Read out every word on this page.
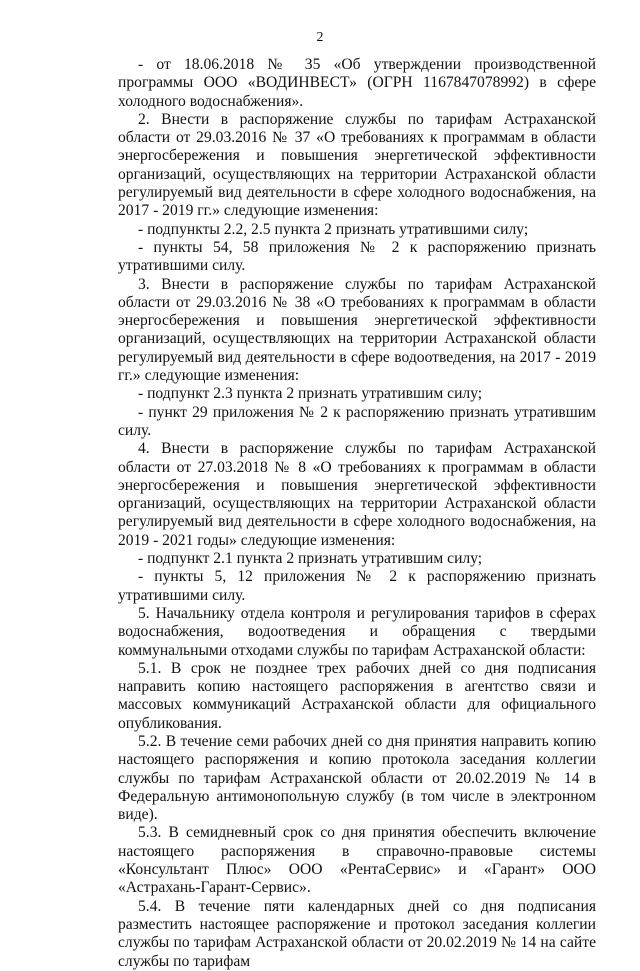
2

- от 18.06.2018 № 35 «Об утверждении производственной программы ООО «ВОДИНВЕСТ» (ОГРН 1167847078992) в сфере холодного водоснабжения».

2. Внести в распоряжение службы по тарифам Астраханской области от 29.03.2016 № 37 «О требованиях к программам в области энергосбережения и повышения энергетической эффективности организаций, осуществляющих на территории Астраханской области регулируемый вид деятельности в сфере холодного водоснабжения, на 2017 - 2019 гг.» следующие изменения:

- подпункты 2.2, 2.5 пункта 2 признать утратившими силу;

- пункты 54, 58 приложения № 2 к распоряжению признать утратившими силу.

3. Внести в распоряжение службы по тарифам Астраханской области от 29.03.2016 № 38 «О требованиях к программам в области энергосбережения и повышения энергетической эффективности организаций, осуществляющих на территории Астраханской области регулируемый вид деятельности в сфере водоотведения, на 2017 - 2019 гг.» следующие изменения:

- подпункт 2.3 пункта 2 признать утратившим силу;

- пункт 29 приложения № 2 к распоряжению признать утратившим силу.

4. Внести в распоряжение службы по тарифам Астраханской области от 27.03.2018 № 8 «О требованиях к программам в области энергосбережения и повышения энергетической эффективности организаций, осуществляющих на территории Астраханской области регулируемый вид деятельности в сфере холодного водоснабжения, на 2019 - 2021 годы» следующие изменения:

- подпункт 2.1 пункта 2 признать утратившим силу;

- пункты 5, 12 приложения № 2 к распоряжению признать утратившими силу.

5. Начальнику отдела контроля и регулирования тарифов в сферах водоснабжения, водоотведения и обращения с твердыми коммунальными отходами службы по тарифам Астраханской области:

5.1. В срок не позднее трех рабочих дней со дня подписания направить копию настоящего распоряжения в агентство связи и массовых коммуникаций Астраханской области для официального опубликования.

5.2. В течение семи рабочих дней со дня принятия направить копию настоящего распоряжения и копию протокола заседания коллегии службы по тарифам Астраханской области от 20.02.2019 № 14 в Федеральную антимонопольную службу (в том числе в электронном виде).

5.3. В семидневный срок со дня принятия обеспечить включение настоящего распоряжения в справочно-правовые системы «Консультант Плюс» ООО «РентаСервис» и «Гарант» ООО «Астрахань-Гарант-Сервис».

5.4. В течение пяти календарных дней со дня подписания разместить настоящее распоряжение и протокол заседания коллегии службы по тарифам Астраханской области от 20.02.2019 № 14 на сайте службы по тарифам
